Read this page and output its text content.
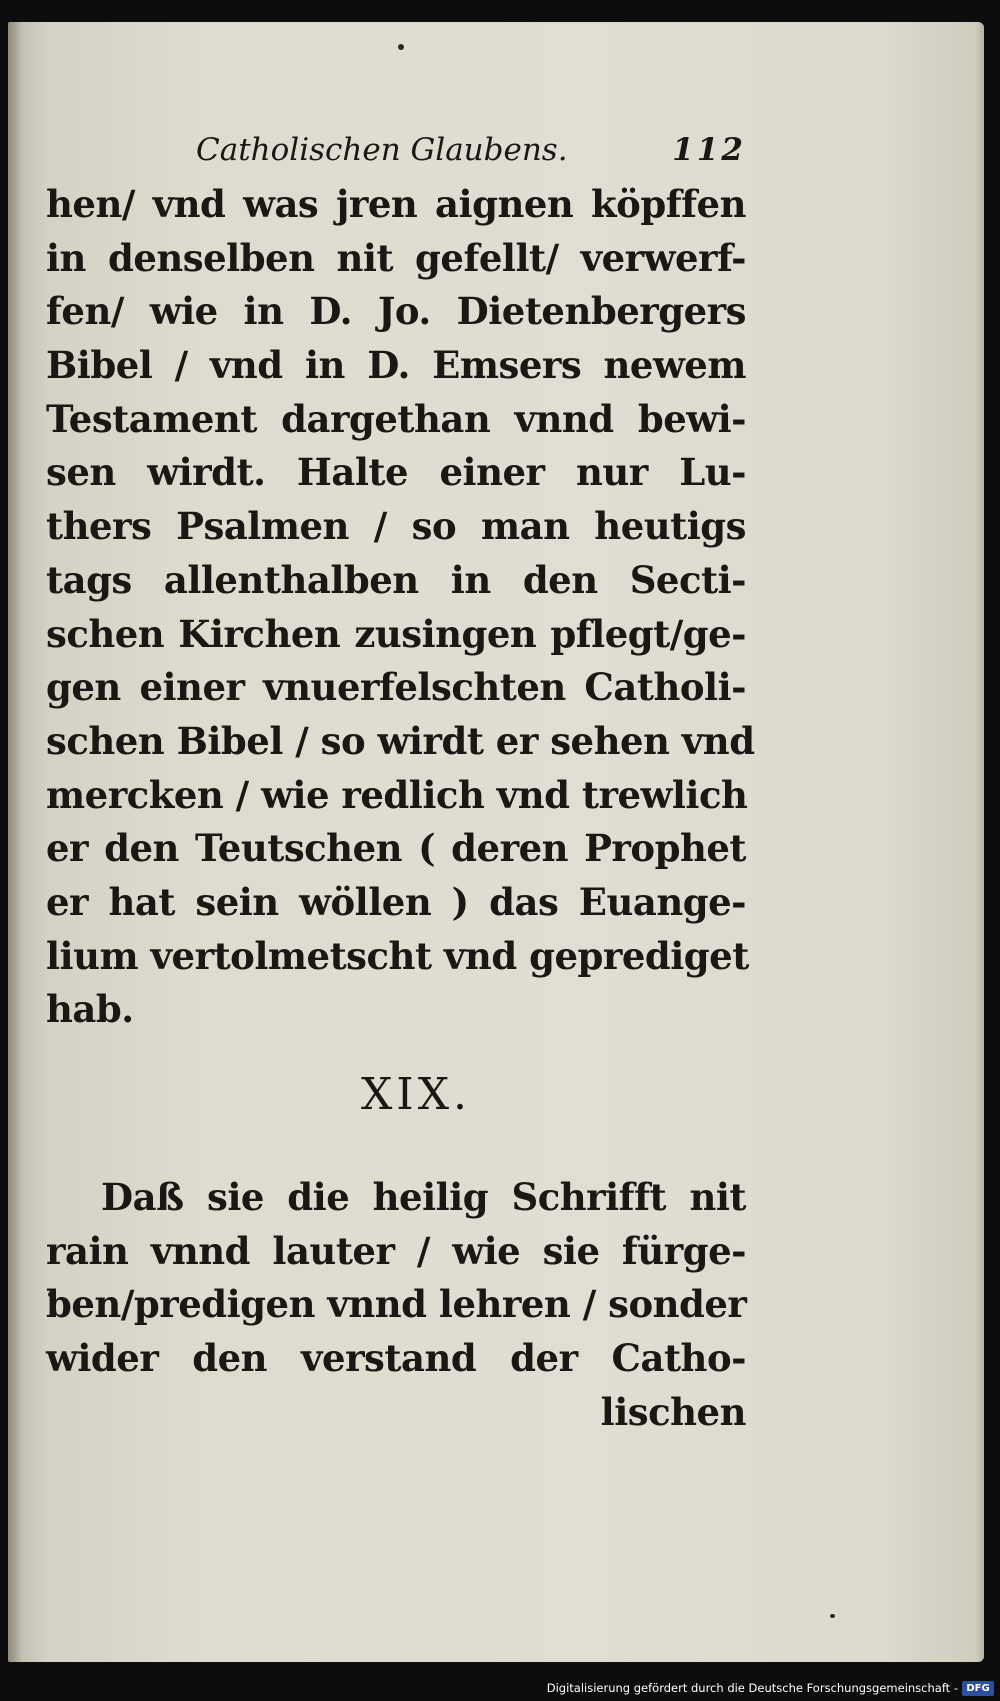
Catholischen Glaubens.	112
hen/ vnd was jren aignen köpffen
in denselben nit gefellt/ verwerf-
fen/ wie in D. Jo. Dietenbergers
Bibel / vnd in D. Emsers newem
Testament dargethan vnnd bewi-
sen wirdt. Halte einer nur Lu-
thers Psalmen / so man heutigs
tags allenthalben in den Secti-
schen Kirchen zusingen pflegt/ge-
gen einer vnuerfelschten Catholi-
schen Bibel / so wirdt er sehen vnd
mercken / wie redlich vnd trewlich
er den Teutschen ( deren Prophet
er hat sein wöllen ) das Euange-
lium vertolmetscht vnd geprediget
hab.
XIX.
Daß sie die heilig Schrifft nit
rain vnnd lauter / wie sie fürge-
ben/predigen vnnd lehren / sonder
wider den verstand der Catho-
lischen
Digitalisierung gefördert durch die Deutsche Forschungsgemeinschaft - DFG
